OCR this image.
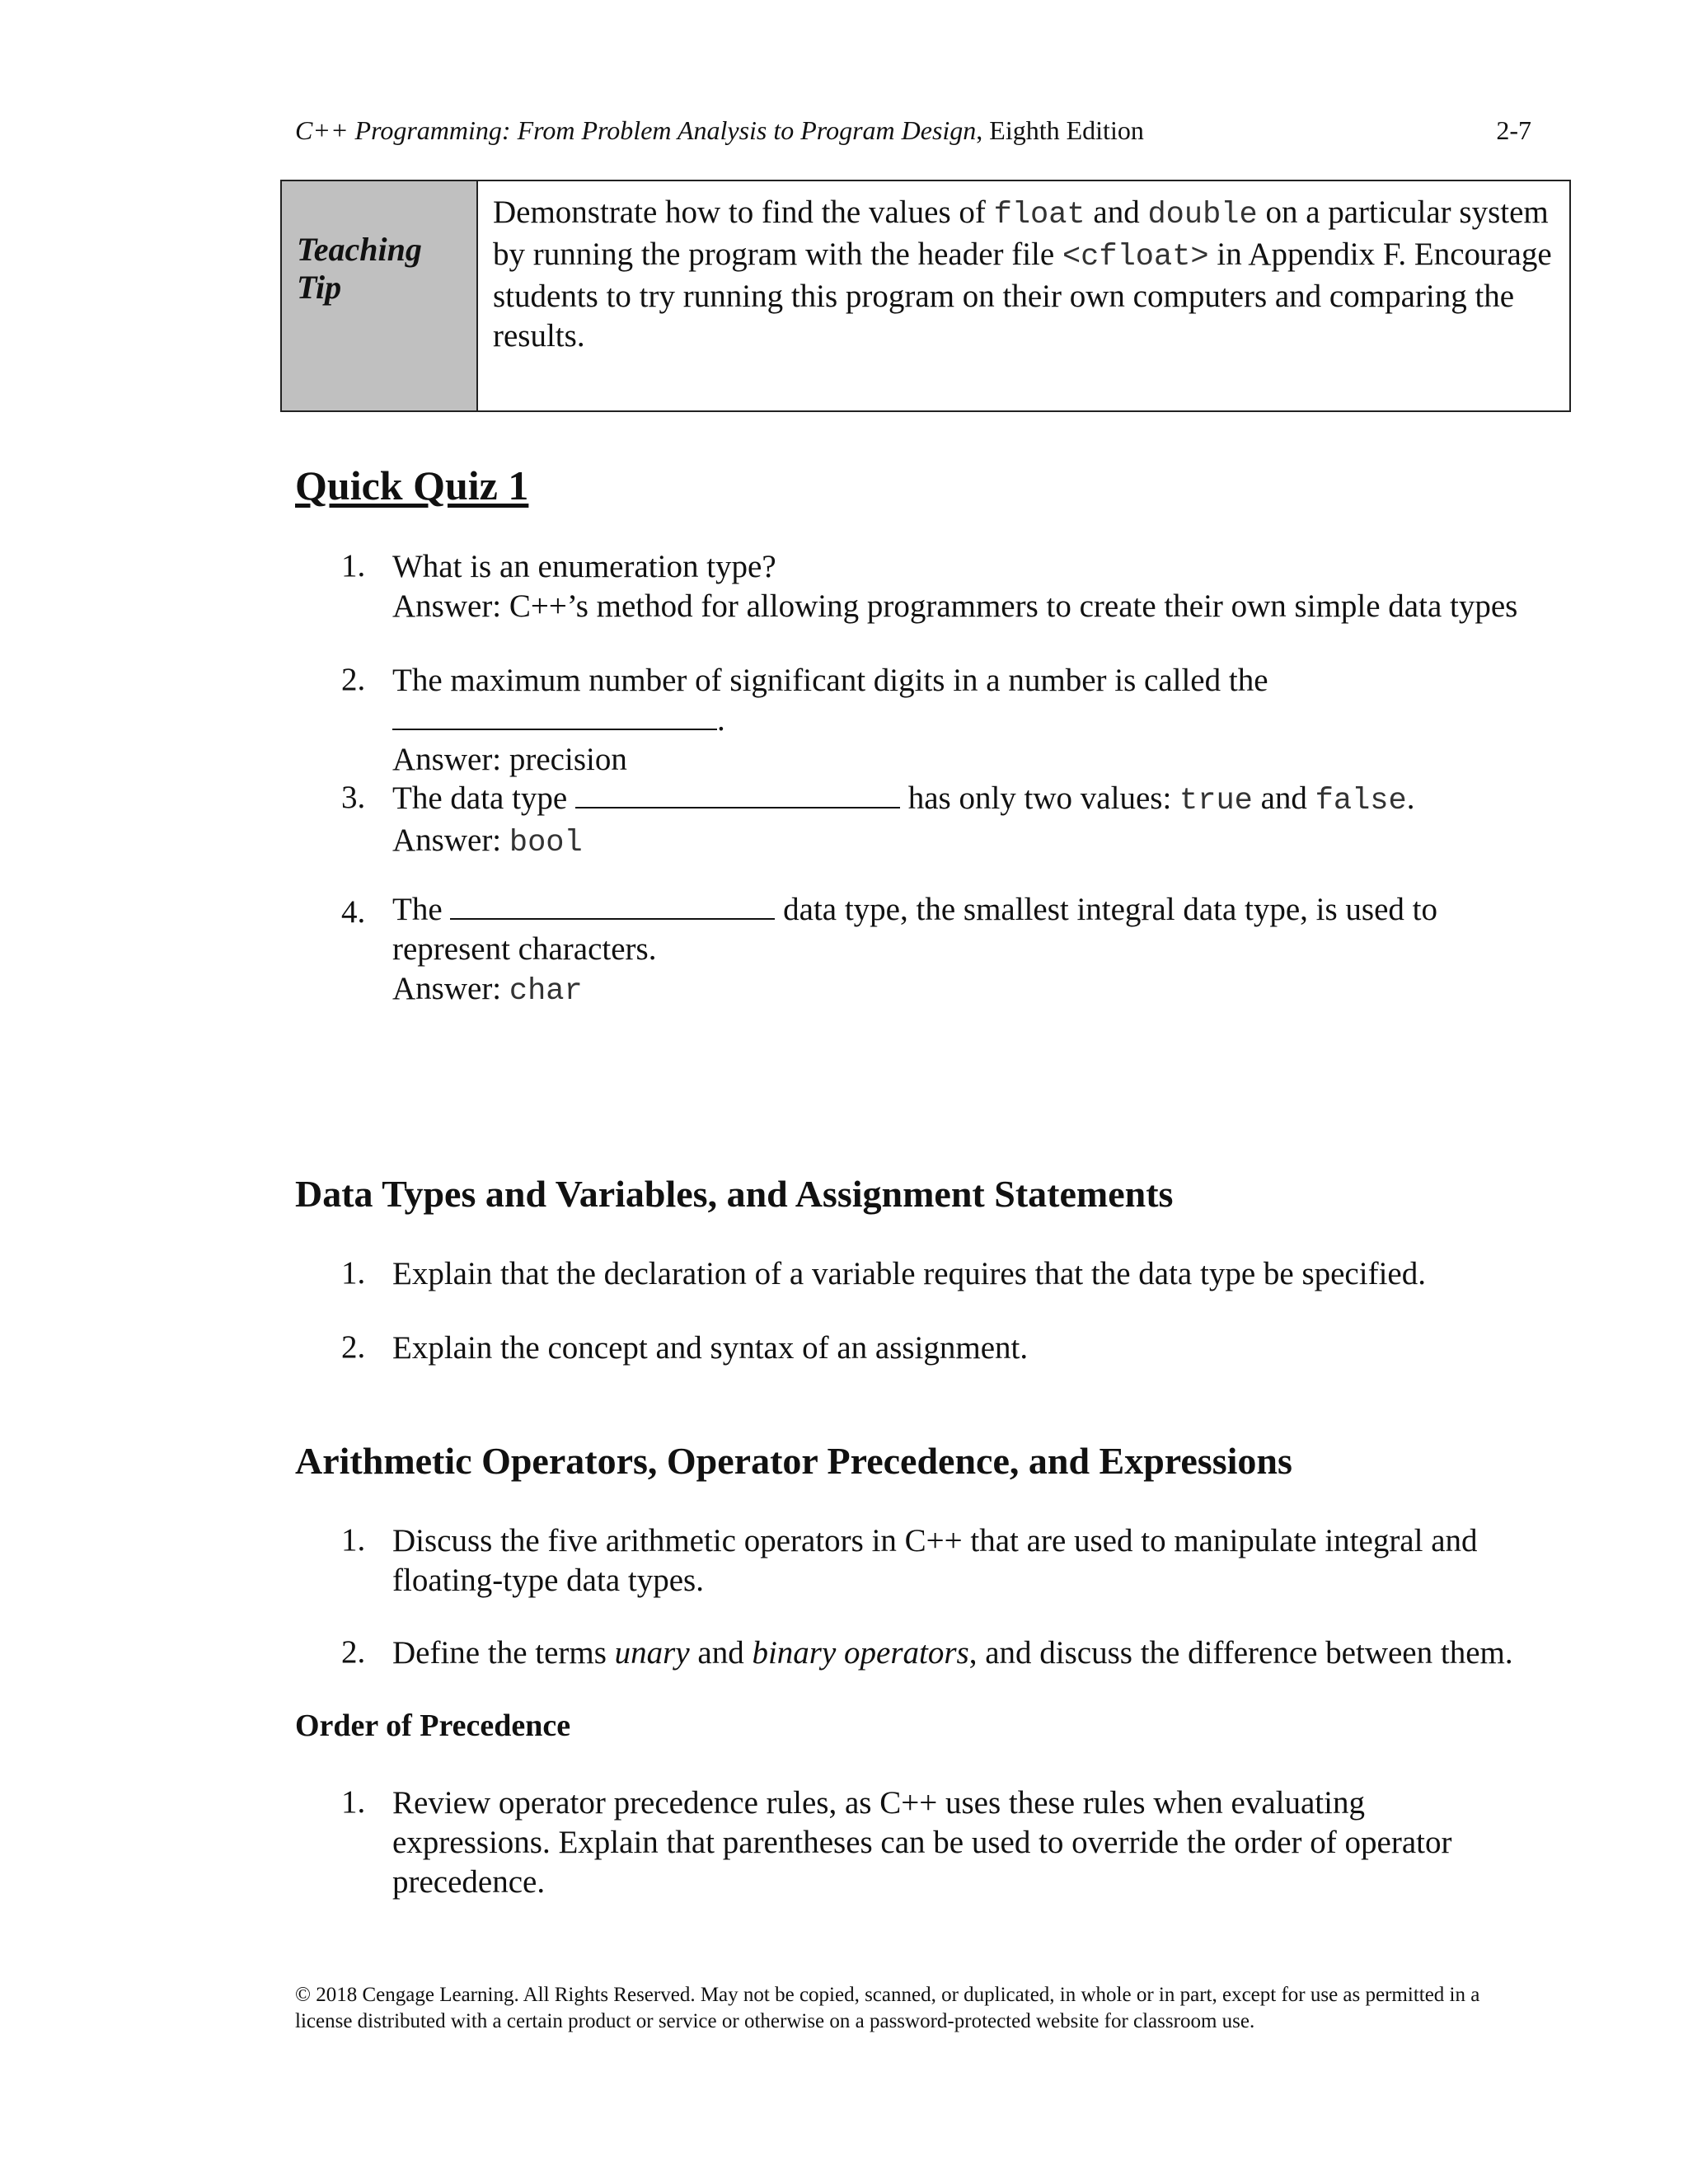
C++ Programming: From Problem Analysis to Program Design, Eighth Edition	2-7
Teaching
Tip
Demonstrate how to find the values of float and double on a particular system by running the program with the header file <cfloat> in Appendix F. Encourage students to try running this program on their own computers and comparing the results.
Quick Quiz 1
1. What is an enumeration type?
Answer: C++’s method for allowing programmers to create their own simple data types
2. The maximum number of significant digits in a number is called the
.
Answer: precision
3. The data type	has only two values: true and false.
Answer: bool
4. The	data type, the smallest integral data type, is used to
represent characters.
Answer: char
Data Types and Variables, and Assignment Statements
1. Explain that the declaration of a variable requires that the data type be specified.
2. Explain the concept and syntax of an assignment.
Arithmetic Operators, Operator Precedence, and Expressions
1. Discuss the five arithmetic operators in C++ that are used to manipulate integral and
floating-type data types.
2. Define the terms unary and binary operators, and discuss the difference between them.
Order of Precedence
1. Review operator precedence rules, as C++ uses these rules when evaluating
expressions. Explain that parentheses can be used to override the order of operator
precedence.
© 2018 Cengage Learning. All Rights Reserved. May not be copied, scanned, or duplicated, in whole or in part, except for use as permitted in a
license distributed with a certain product or service or otherwise on a password-protected website for classroom use.
